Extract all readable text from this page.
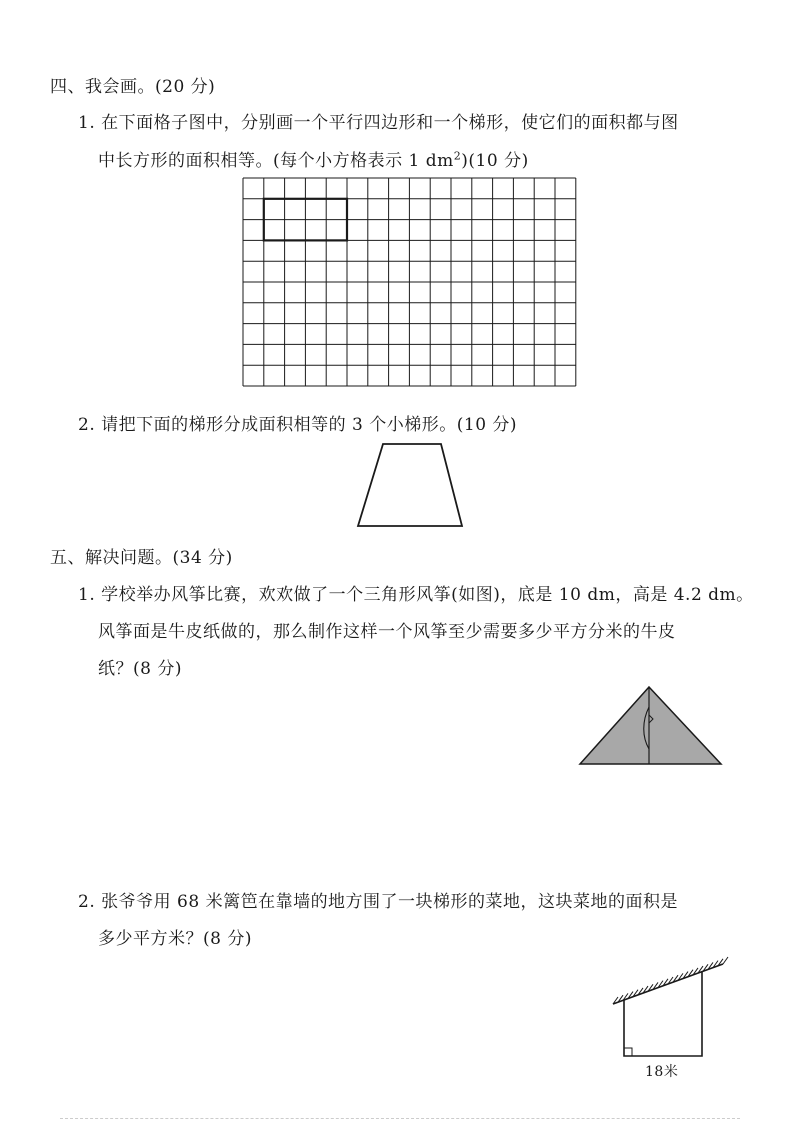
四、我会画。(20 分)
1. 在下面格子图中，分别画一个平行四边形和一个梯形，使它们的面积都与图
中长方形的面积相等。(每个小方格表示 1 $dm^2)(10$ 分)
2. 请把下面的梯形分成面积相等的 3 个小梯形。(10 分)
五、解决问题。(34 分)
1. 学校举办风筝比赛，欢欢做了一个三角形风筝(如图)，底是 10 dm，高是 4.2 dm。
风筝面是牛皮纸做的，那么制作这样一个风筝至少需要多少平方分米的牛皮
纸？(8 分)
2. 张爷爷用 68 米篱笆在靠墙的地方围了一块梯形的菜地，这块菜地的面积是
多少平方米？(8 分)
18米
